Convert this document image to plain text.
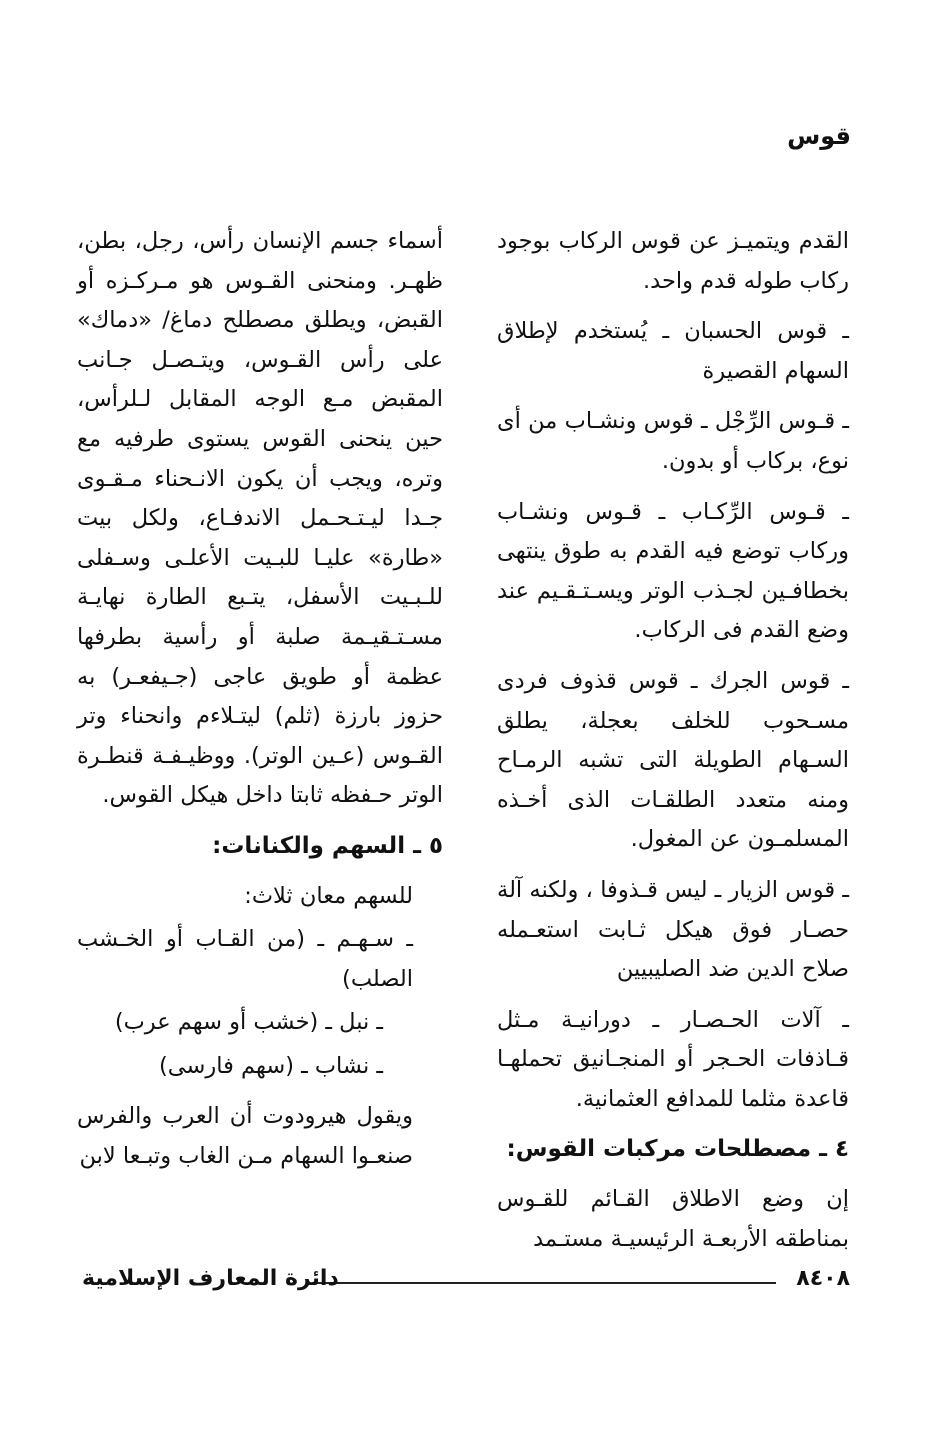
قوس

القدم ويتميـز عن قوس الركاب بوجود ركاب طوله قدم واحد.

ـ قوس الحسبان ـ يُستخدم لإطلاق السهام القصيرة

ـ قـوس الرِّجْل ـ قوس ونشـاب من أى نوع، بركاب أو بدون.

ـ قـوس الرِّكـاب ـ قـوس ونشـاب وركاب توضع فيه القدم به طوق ينتهى بخطافـين لجـذب الوتر ويسـتـقـيم عند وضع القدم فى الركاب.

ـ قوس الجرك ـ قوس قذوف فردى مسـحوب للخلف بعجلة، يطلق السـهام الطويلة التى تشبه الرمـاح ومنه متعدد الطلقـات الذى أخـذه المسلمـون عن المغول.

ـ قوس الزيار ـ ليس قـذوفا ، ولكنه آلة حصـار فوق هيكل ثـابت استعـمله صلاح الدين ضد الصليبيين

ـ آلات الحـصـار ـ دورانيـة مـثل قـاذفات الحـجر أو المنجـانيق تحملهـا قاعدة مثلما للمدافع العثمانية.

٤ ـ مصطلحات مركبات القوس:

إن وضع الاطلاق القـائم للقـوس بمناطقه الأربعـة الرئيسيـة مستـمد

أسماء جسم الإنسان رأس، رجل، بطن، ظهـر. ومنحنى القـوس هو مـركـزه أو القبض، ويطلق مصطلح دماغ/ «دماك» على رأس القـوس، ويتـصـل جـانب المقبض مـع الوجه المقابل لـلرأس، حين ينحنى القوس يستوى طرفيه مع وتره، ويجب أن يكون الانـحناء مـقـوى جـدا ليـتـحـمل الاندفـاع، ولكل بيت «طارة» عليـا للبـيت الأعلـى وسـفلى للـبـيت الأسفل، يتـبع الطارة نهايـة مسـتـقيـمة صلبة أو رأسية بطرفها عظمة أو طويق عاجى (جـيفعـر) به حزوز بارزة (ثلم) ليتـلاءم وانحناء وتر القـوس (عـين الوتر). ووظيـفـة قنطـرة الوتر حـفظه ثابتا داخل هيكل القوس.

٥ ـ السهم والكنانات:

للسهم معان ثلاث:

ـ سـهـم ـ (من القـاب أو الخـشب الصلب)

ـ نبل ـ (خشب أو سهم عرب)

ـ نشاب ـ (سهم فارسى)

ويقول هيرودوت أن العرب والفرس صنعـوا السهام مـن الغاب وتبـعا لابن

٨٤٠٨
دائرة المعارف الإسلامية
